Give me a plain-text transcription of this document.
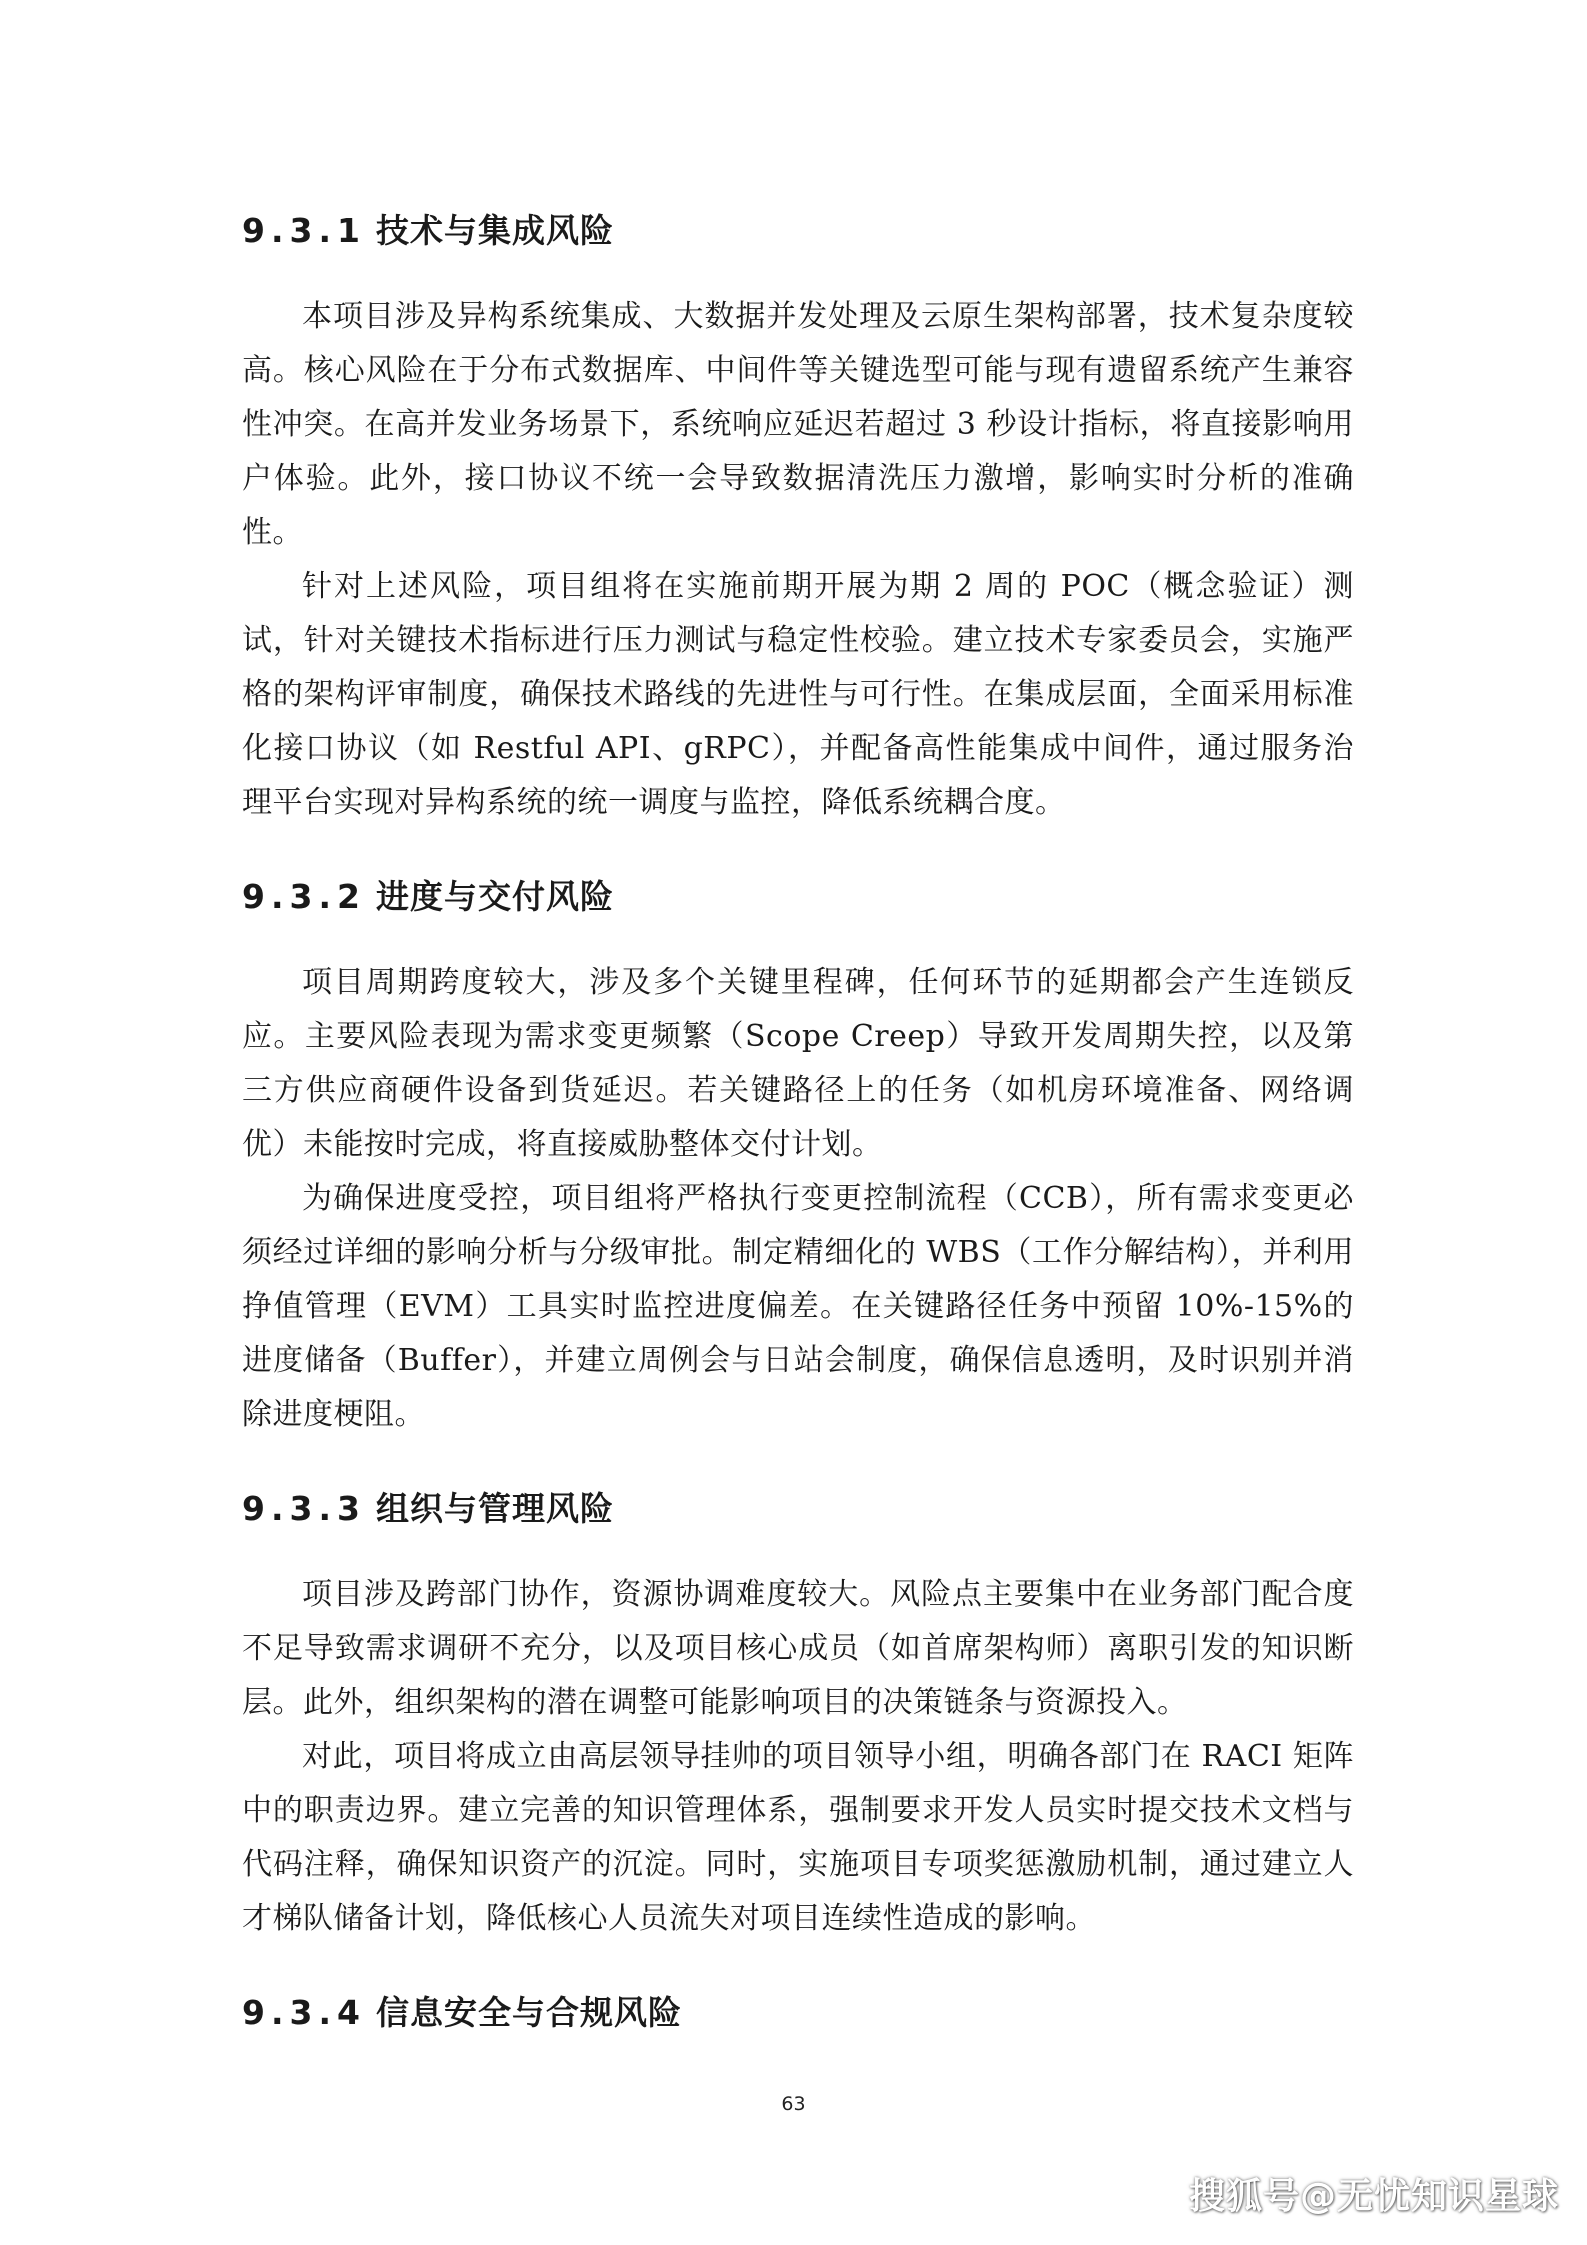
9.3.1 技术与集成风险

本项目涉及异构系统集成、大数据并发处理及云原生架构部署，技术复杂度较高。核心风险在于分布式数据库、中间件等关键选型可能与现有遗留系统产生兼容性冲突。在高并发业务场景下，系统响应延迟若超过 3 秒设计指标，将直接影响用户体验。此外，接口协议不统一会导致数据清洗压力激增，影响实时分析的准确性。

针对上述风险，项目组将在实施前期开展为期 2 周的 POC（概念验证）测试，针对关键技术指标进行压力测试与稳定性校验。建立技术专家委员会，实施严格的架构评审制度，确保技术路线的先进性与可行性。在集成层面，全面采用标准化接口协议（如 Restful API、gRPC），并配备高性能集成中间件，通过服务治理平台实现对异构系统的统一调度与监控，降低系统耦合度。

9.3.2 进度与交付风险

项目周期跨度较大，涉及多个关键里程碑，任何环节的延期都会产生连锁反应。主要风险表现为需求变更频繁（Scope Creep）导致开发周期失控，以及第三方供应商硬件设备到货延迟。若关键路径上的任务（如机房环境准备、网络调优）未能按时完成，将直接威胁整体交付计划。

为确保进度受控，项目组将严格执行变更控制流程（CCB），所有需求变更必须经过详细的影响分析与分级审批。制定精细化的 WBS（工作分解结构），并利用挣值管理（EVM）工具实时监控进度偏差。在关键路径任务中预留 10%-15%的进度储备（Buffer），并建立周例会与日站会制度，确保信息透明，及时识别并消除进度梗阻。

9.3.3 组织与管理风险

项目涉及跨部门协作，资源协调难度较大。风险点主要集中在业务部门配合度不足导致需求调研不充分，以及项目核心成员（如首席架构师）离职引发的知识断层。此外，组织架构的潜在调整可能影响项目的决策链条与资源投入。

对此，项目将成立由高层领导挂帅的项目领导小组，明确各部门在 RACI 矩阵中的职责边界。建立完善的知识管理体系，强制要求开发人员实时提交技术文档与代码注释，确保知识资产的沉淀。同时，实施项目专项奖惩激励机制，通过建立人才梯队储备计划，降低核心人员流失对项目连续性造成的影响。

9.3.4 信息安全与合规风险
63
搜狐号@无忧知识星球
